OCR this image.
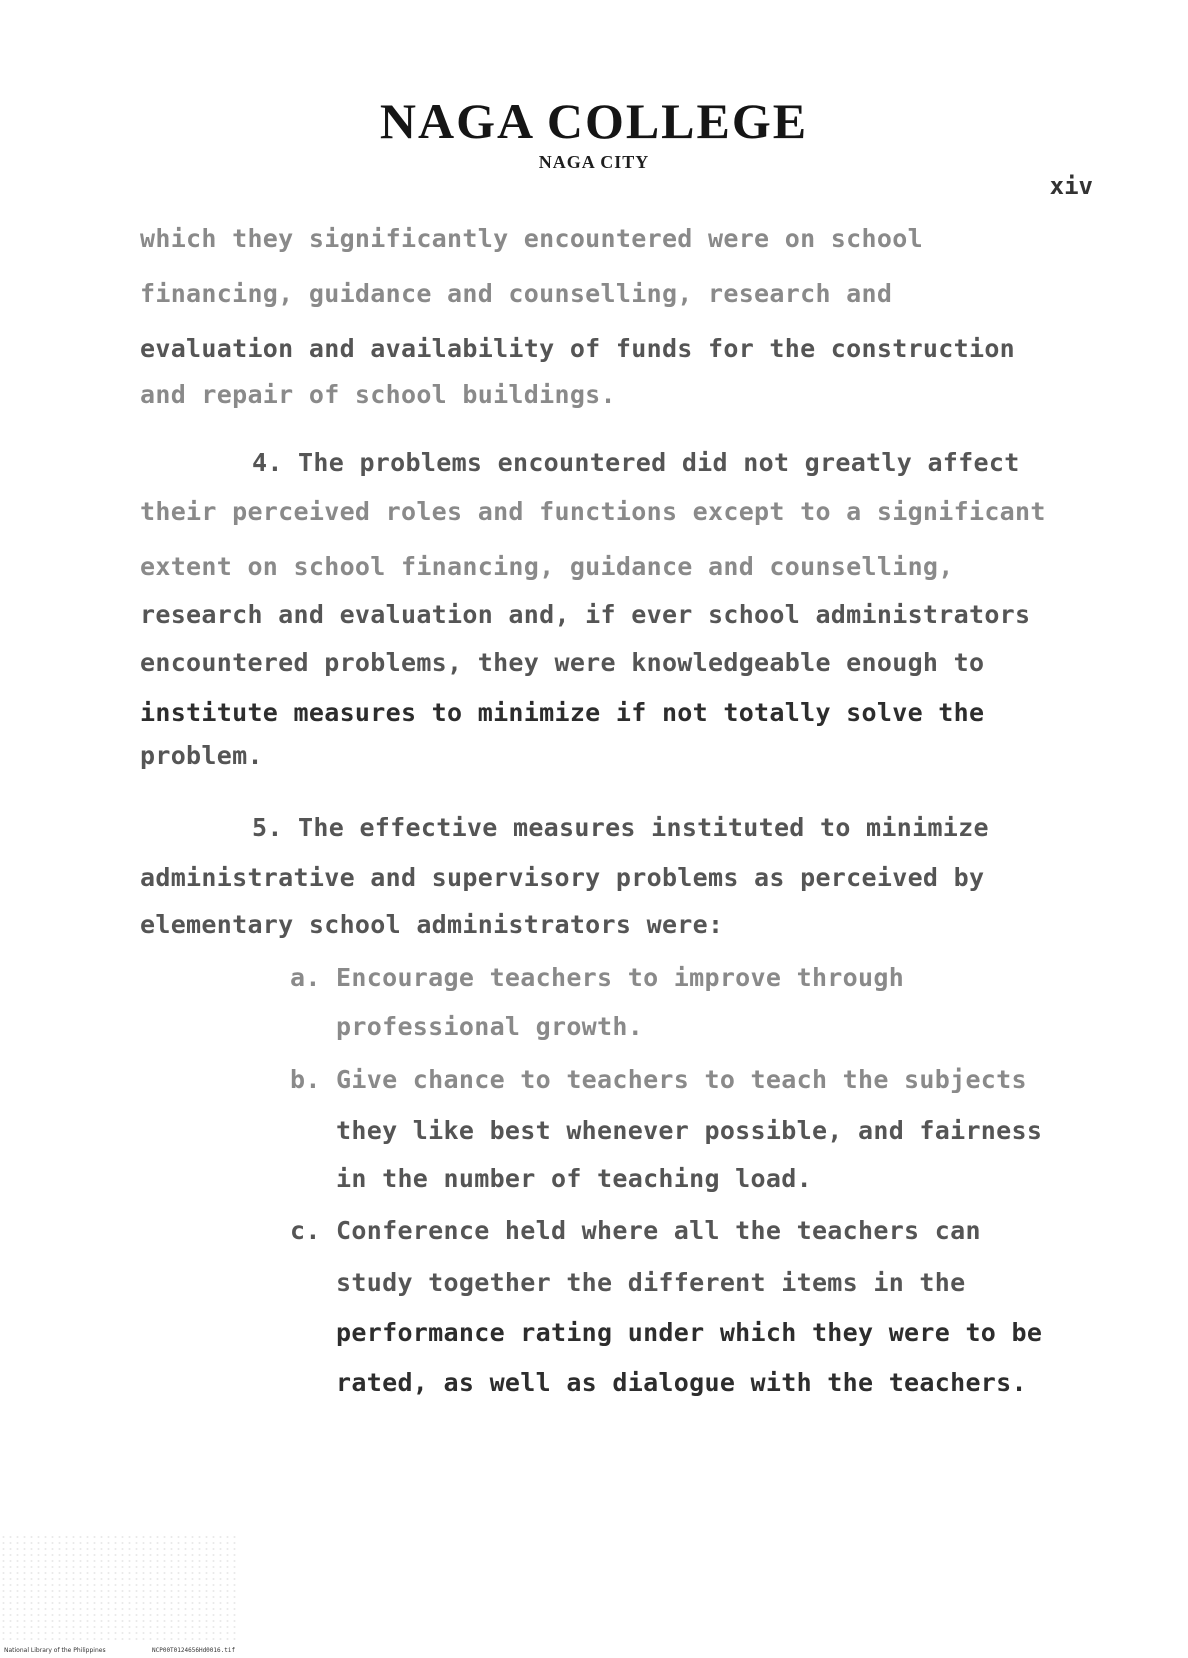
NAGA COLLEGE
NAGA CITY
xiv
which they significantly encountered were on school
financing, guidance and counselling, research and
evaluation and availability of funds for the construction
and repair of school buildings.
4. The problems encountered did not greatly affect
their perceived roles and functions except to a significant
extent on school financing, guidance and counselling,
research and evaluation and, if ever school administrators
encountered problems, they were knowledgeable enough to
institute measures to minimize if not totally solve the
problem.
5. The effective measures instituted to minimize
administrative and supervisory problems as perceived by
elementary school administrators were:
a. Encourage teachers to improve through
professional growth.
b. Give chance to teachers to teach the subjects
they like best whenever possible, and fairness
in the number of teaching load.
c. Conference held where all the teachers can
study together the different items in the
performance rating under which they were to be
rated, as well as dialogue with the teachers.
National Library of the Philippines	NCP00T0124656Hd0016.tif
